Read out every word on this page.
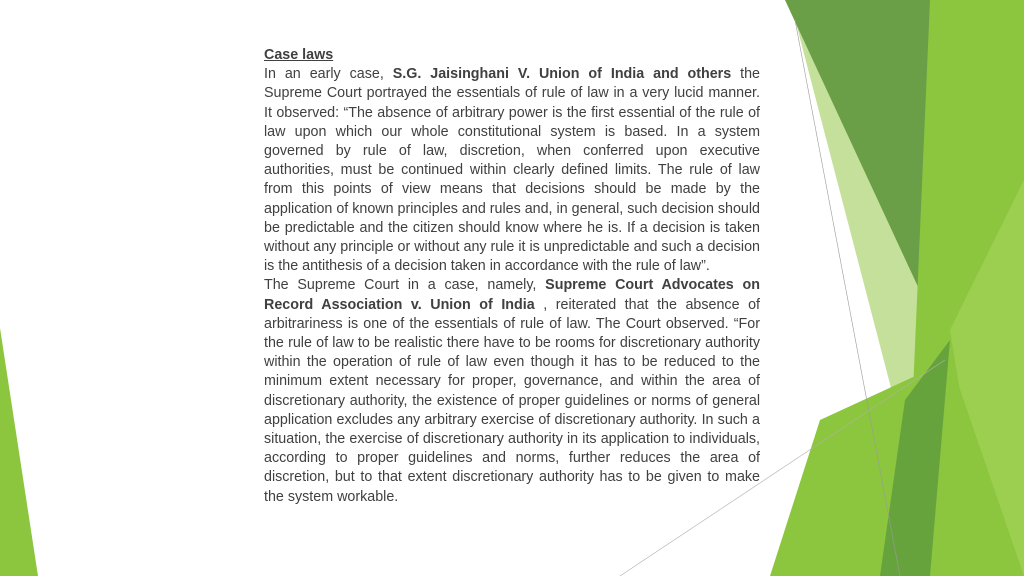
Case laws

In an early case, S.G. Jaisinghani V. Union of India and others the Supreme Court portrayed the essentials of rule of law in a very lucid manner. It observed: “The absence of arbitrary power is the first essential of the rule of law upon which our whole constitutional system is based. In a system governed by rule of law, discretion, when conferred upon executive authorities, must be continued within clearly defined limits. The rule of law from this points of view means that decisions should be made by the application of known principles and rules and, in general, such decision should be predictable and the citizen should know where he is. If a decision is taken without any principle or without any rule it is unpredictable and such a decision is the antithesis of a decision taken in accordance with the rule of law”.

The Supreme Court in a case, namely, Supreme Court Advocates on Record Association v. Union of India , reiterated that the absence of arbitrariness is one of the essentials of rule of law. The Court observed. “For the rule of law to be realistic there have to be rooms for discretionary authority within the operation of rule of law even though it has to be reduced to the minimum extent necessary for proper, governance, and within the area of discretionary authority, the existence of proper guidelines or norms of general application excludes any arbitrary exercise of discretionary authority. In such a situation, the exercise of discretionary authority in its application to individuals, according to proper guidelines and norms, further reduces the area of discretion, but to that extent discretionary authority has to be given to make the system workable.
